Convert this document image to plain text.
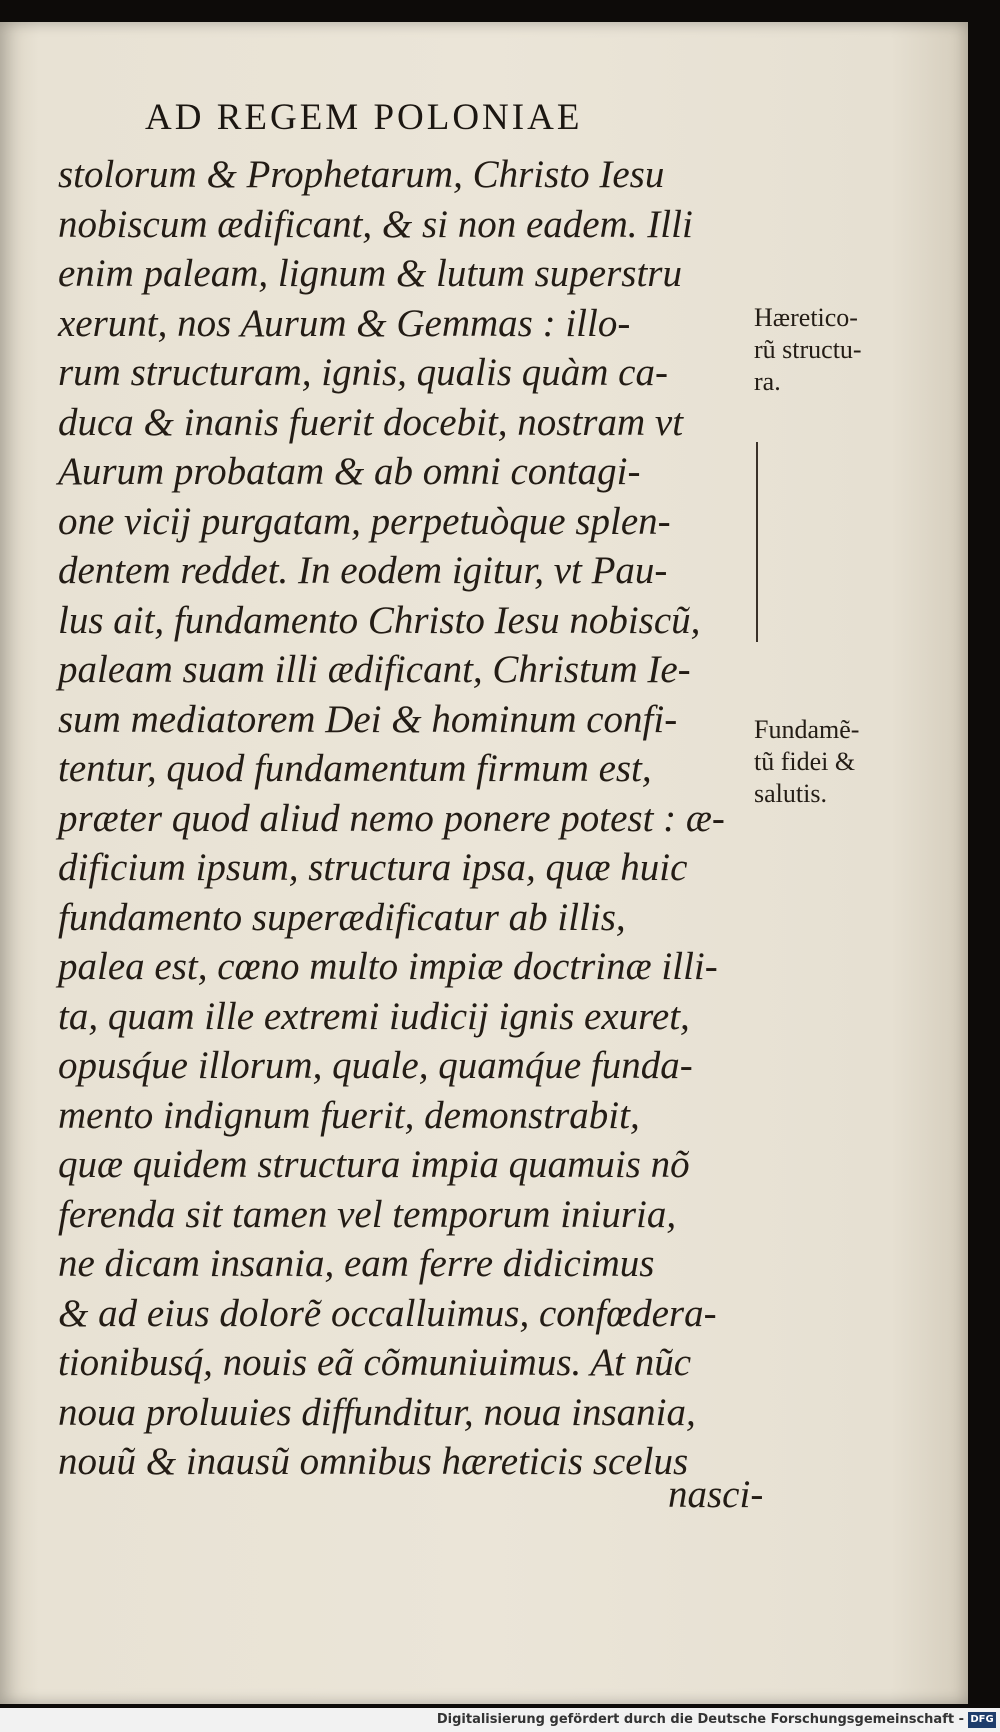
AD REGEM POLONIAE
stolorum & Prophetarum, Christo Iesu
nobiscum ædificant, & si non eadem. Illi
enim paleam, lignum & lutum superstru
xerunt, nos Aurum & Gemmas : illo-
rum structuram, ignis, qualis quàm ca-
duca & inanis fuerit docebit, nostram vt
Aurum probatam & ab omni contagi-
one vicij purgatam, perpetuòque splen-
dentem reddet. In eodem igitur, vt Pau-
lus ait, fundamento Christo Iesu nobiscũ,
paleam suam illi ædificant, Christum Ie-
sum mediatorem Dei & hominum confi-
tentur, quod fundamentum firmum est,
præter quod aliud nemo ponere potest : æ-
dificium ipsum, structura ipsa, quæ huic
fundamento superædificatur ab illis,
palea est, cœno multo impiæ doctrinæ illi-
ta, quam ille extremi iudicij ignis exuret,
opusq́ue illorum, quale, quamq́ue funda-
mento indignum fuerit, demonstrabit,
quæ quidem structura impia quamuis nõ
ferenda sit tamen vel temporum iniuria,
ne dicam insania, eam ferre didicimus
& ad eius dolorẽ occalluimus, confœdera-
tionibusq́, nouis eã cõmuniuimus. At nũc
noua proluuies diffunditur, noua insania,
nouũ & inausũ omnibus hæreticis scelus
nasci-
Hæretico-
rũ structu-
ra.
Fundamẽ-
tũ fidei &
salutis.
Digitalisierung gefördert durch die Deutsche Forschungsgemeinschaft - DFG
